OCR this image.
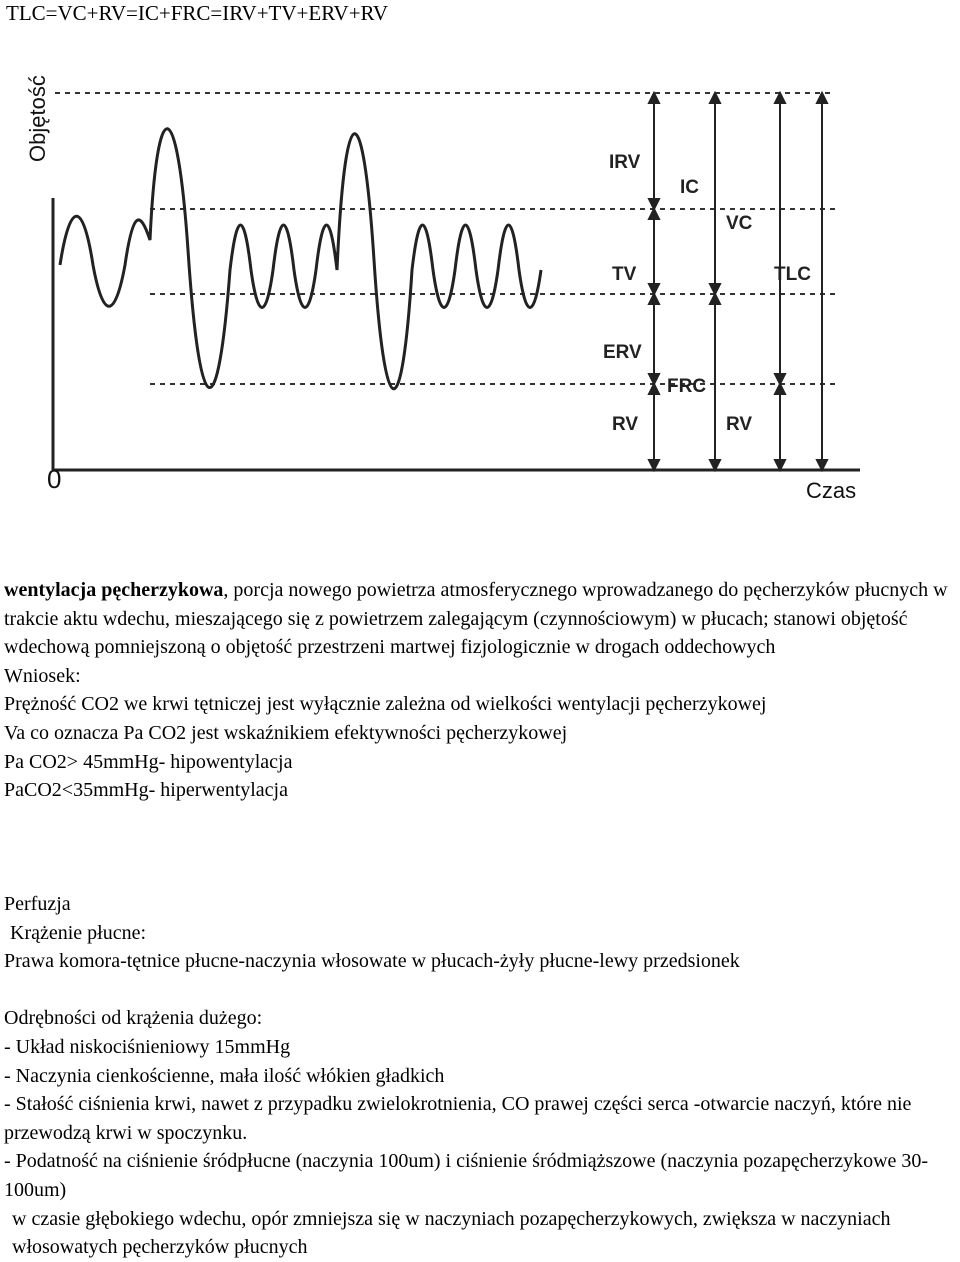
TLC=VC+RV=IC+FRC=IRV+TV+ERV+RV
Objętość
0	Czas
IRV
IC
VC
TV	TLC
ERV
FRC
RV	RV

wentylacja pęcherzykowa, porcja nowego powietrza atmosferycznego wprowadzanego do pęcherzyków płucnych w trakcie aktu wdechu, mieszającego się z powietrzem zalegającym (czynnościowym) w płucach; stanowi objętość wdechową pomniejszoną o objętość przestrzeni martwej fizjologicznie w drogach oddechowych

Wniosek:

Prężność CO2 we krwi tętniczej jest wyłącznie zależna od wielkości wentylacji pęcherzykowej

Va co oznacza Pa CO2 jest wskaźnikiem efektywności pęcherzykowej

Pa CO2> 45mmHg- hipowentylacja

PaCO2<35mmHg- hiperwentylacja

Perfuzja

Krążenie płucne:

Prawa komora-tętnice płucne-naczynia włosowate w płucach-żyły płucne-lewy przedsionek

Odrębności od krążenia dużego:

- Układ niskociśnieniowy 15mmHg

- Naczynia cienkościenne, mała ilość włókien gładkich

- Stałość ciśnienia krwi, nawet z przypadku zwielokrotnienia, CO prawej części serca -otwarcie naczyń, które nie przewodzą krwi w spoczynku.

- Podatność na ciśnienie śródpłucne (naczynia 100um) i ciśnienie śródmiąższowe (naczynia pozapęcherzykowe 30-100um)

w czasie głębokiego wdechu, opór zmniejsza się w naczyniach pozapęcherzykowych, zwiększa w naczyniach włosowatych pęcherzyków płucnych
